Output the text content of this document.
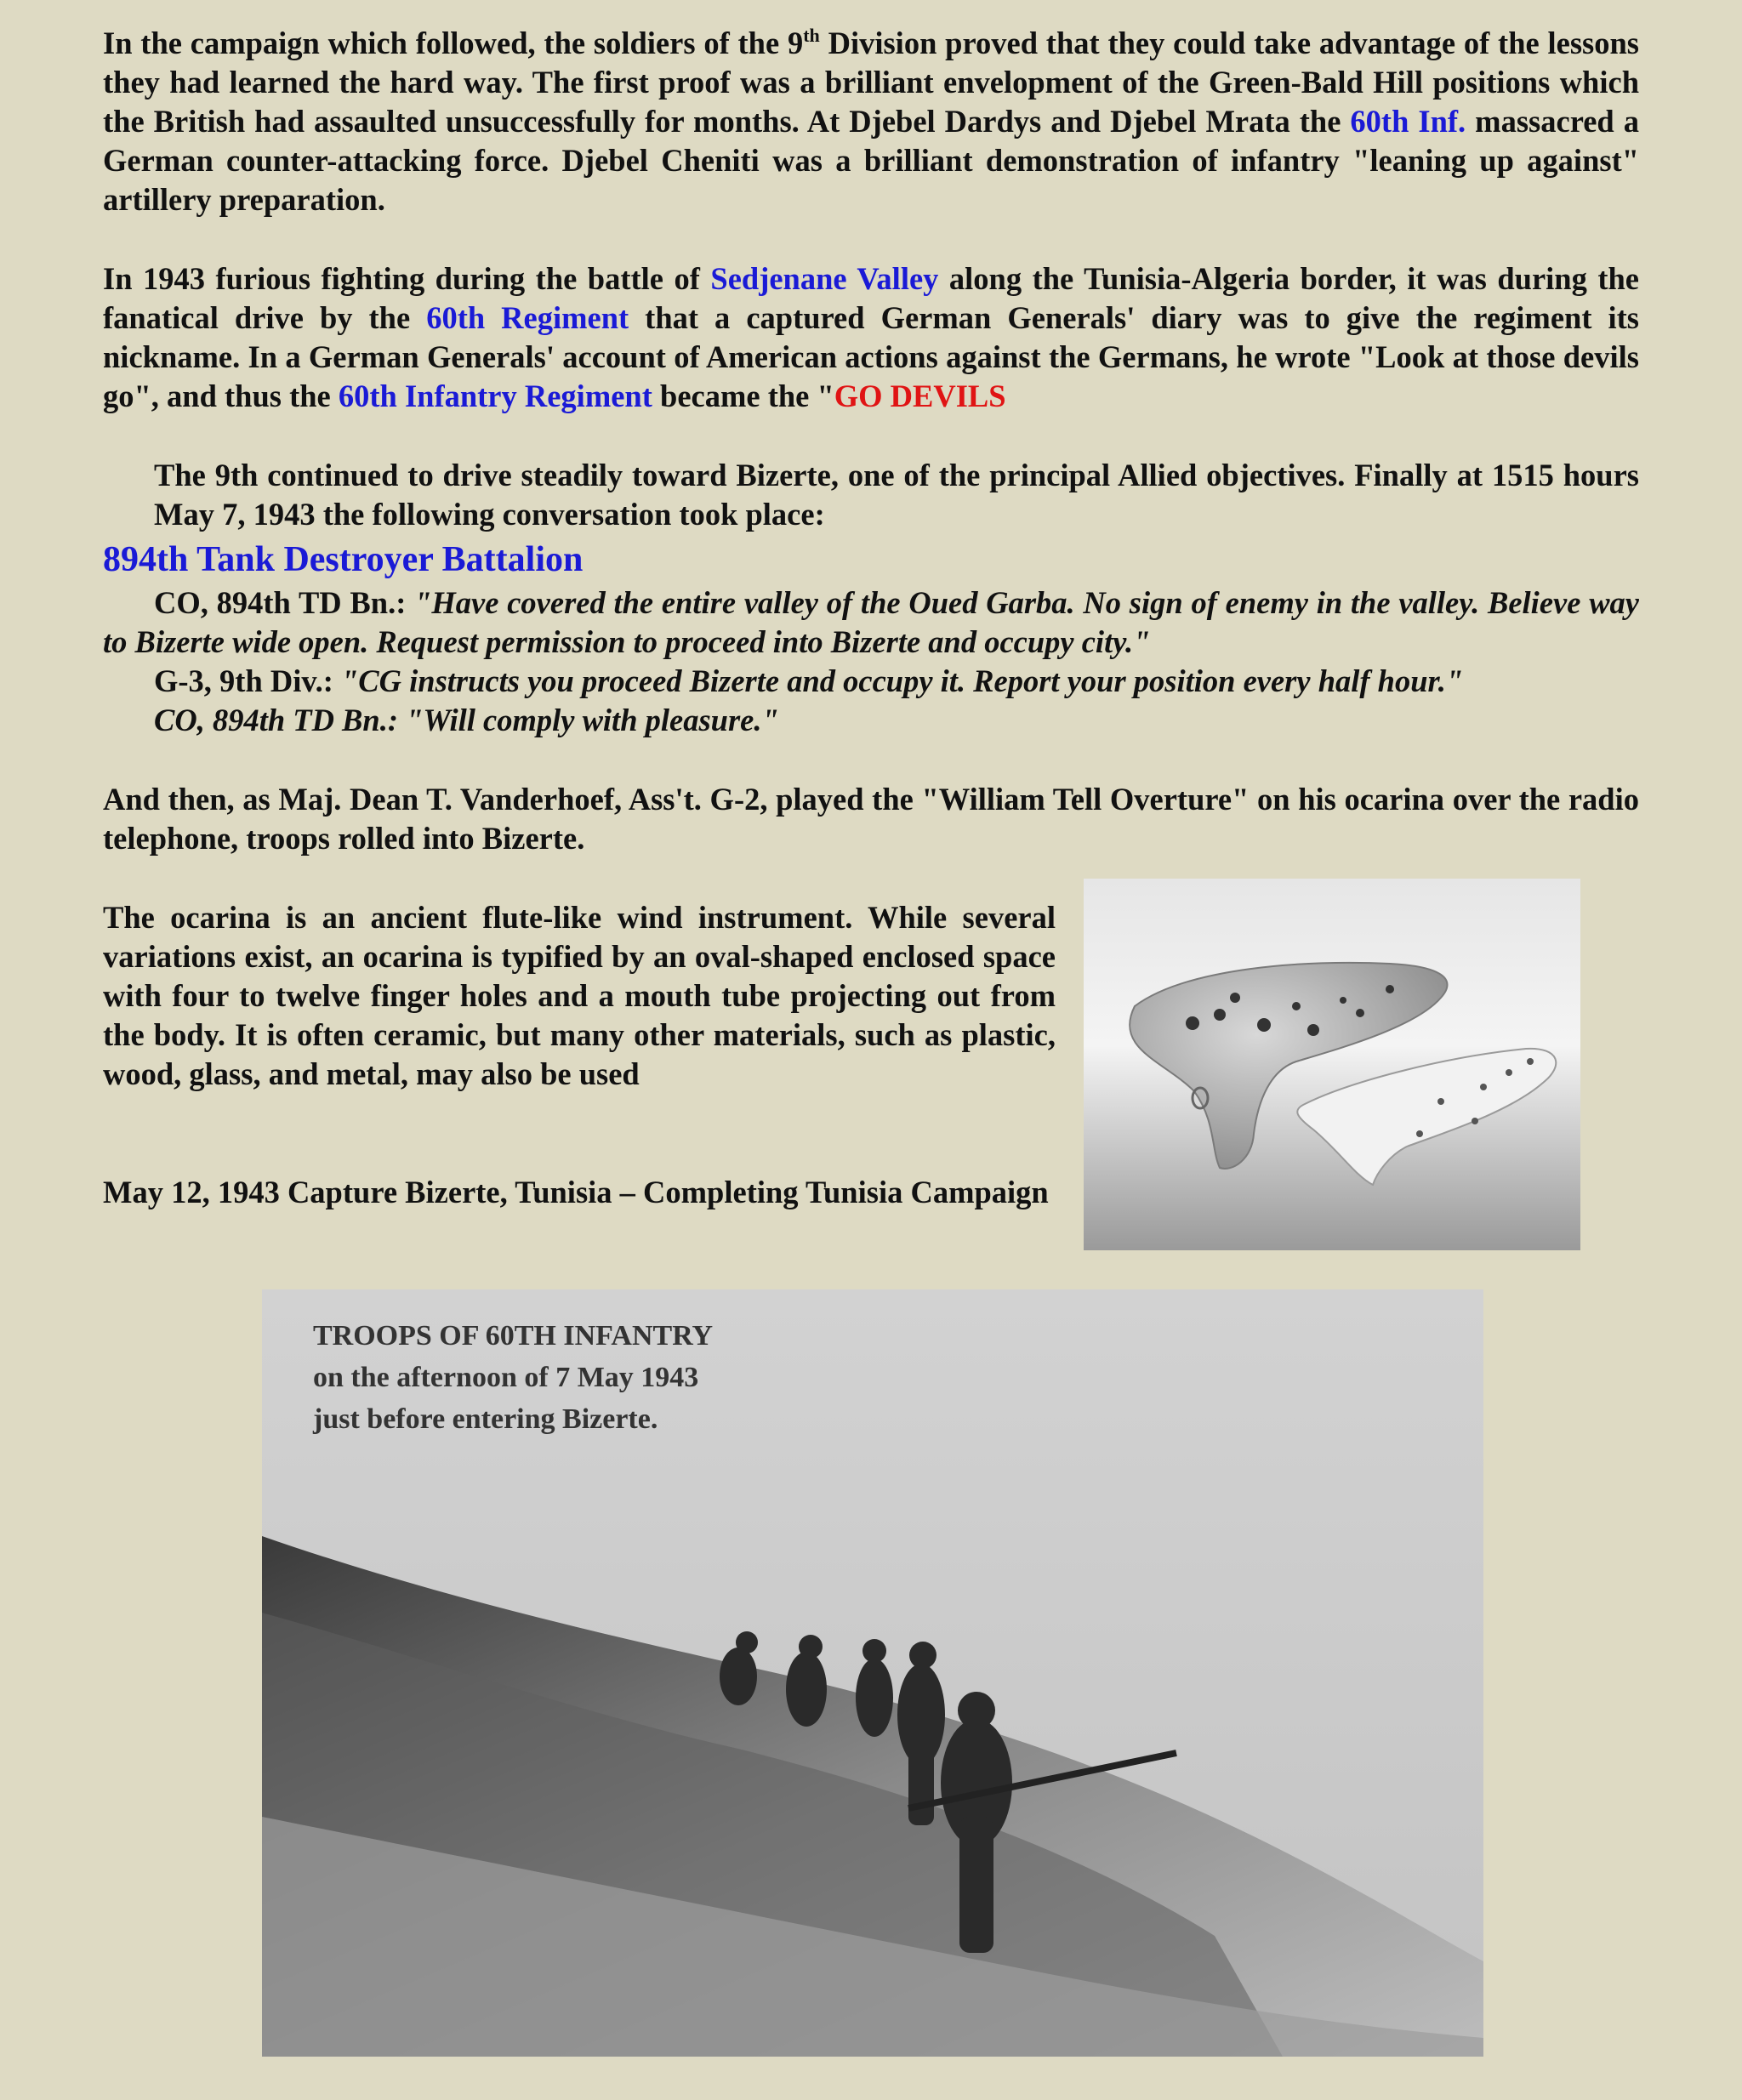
In the campaign which followed, the soldiers of the 9th Division proved that they could take advantage of the lessons they had learned the hard way. The first proof was a brilliant envelopment of the Green-Bald Hill positions which the British had assaulted unsuccessfully for months. At Djebel Dardys and Djebel Mrata the 60th Inf. massacred a German counter-attacking force. Djebel Cheniti was a brilliant demonstration of infantry "leaning up against" artillery preparation.

In 1943 furious fighting during the battle of Sedjenane Valley along the Tunisia-Algeria border, it was during the fanatical drive by the 60th Regiment that a captured German Generals' diary was to give the regiment its nickname. In a German Generals' account of American actions against the Germans, he wrote "Look at those devils go", and thus the 60th Infantry Regiment became the "GO DEVILS

The 9th continued to drive steadily toward Bizerte, one of the principal Allied objectives. Finally at 1515 hours May 7, 1943 the following conversation took place:

894th Tank Destroyer Battalion

CO, 894th TD Bn.: "Have covered the entire valley of the Oued Garba. No sign of enemy in the valley. Believe way to Bizerte wide open. Request permission to proceed into Bizerte and occupy city."

G-3, 9th Div.: "CG instructs you proceed Bizerte and occupy it. Report your position every half hour."

CO, 894th TD Bn.: "Will comply with pleasure."

And then, as Maj. Dean T. Vanderhoef, Ass't. G-2, played the "William Tell Overture" on his ocarina over the radio telephone, troops rolled into Bizerte.

The ocarina is an ancient flute-like wind instrument. While several variations exist, an ocarina is typified by an oval-shaped enclosed space with four to twelve finger holes and a mouth tube projecting out from the body. It is often ceramic, but many other materials, such as plastic, wood, glass, and metal, may also be used

May 12, 1943 Capture Bizerte, Tunisia – Completing Tunisia Campaign

TROOPS OF 60TH INFANTRY
on the afternoon of 7 May 1943
just before entering Bizerte.
